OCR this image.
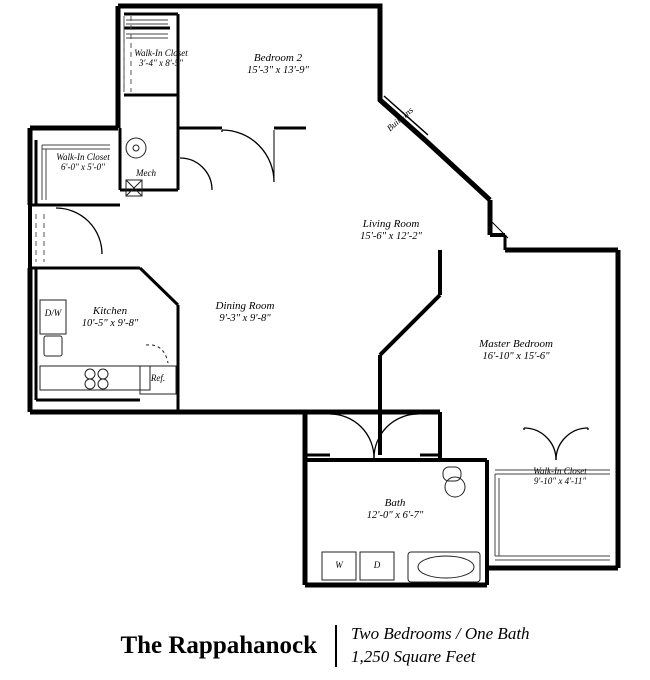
Bedroom 2
15'-3" x 13'-9"
Living Room
15'-6" x 12'-2"
Master Bedroom
16'-10" x 15'-6"
Kitchen
10'-5" x 9'-8"
Dining Room
9'-3" x 9'-8"
Bath
12'-0" x 6'-7"
Walk-In Closet
3'-4" x 8'-5"
Walk-In Closet
6'-0" x 5'-0"
Walk-In Closet
9'-10" x 4'-11"
Built-Ins
Mech
D/W
Ref.
W	D
The Rappahanock Two Bedrooms / One Bath
1,250 Square Feet
